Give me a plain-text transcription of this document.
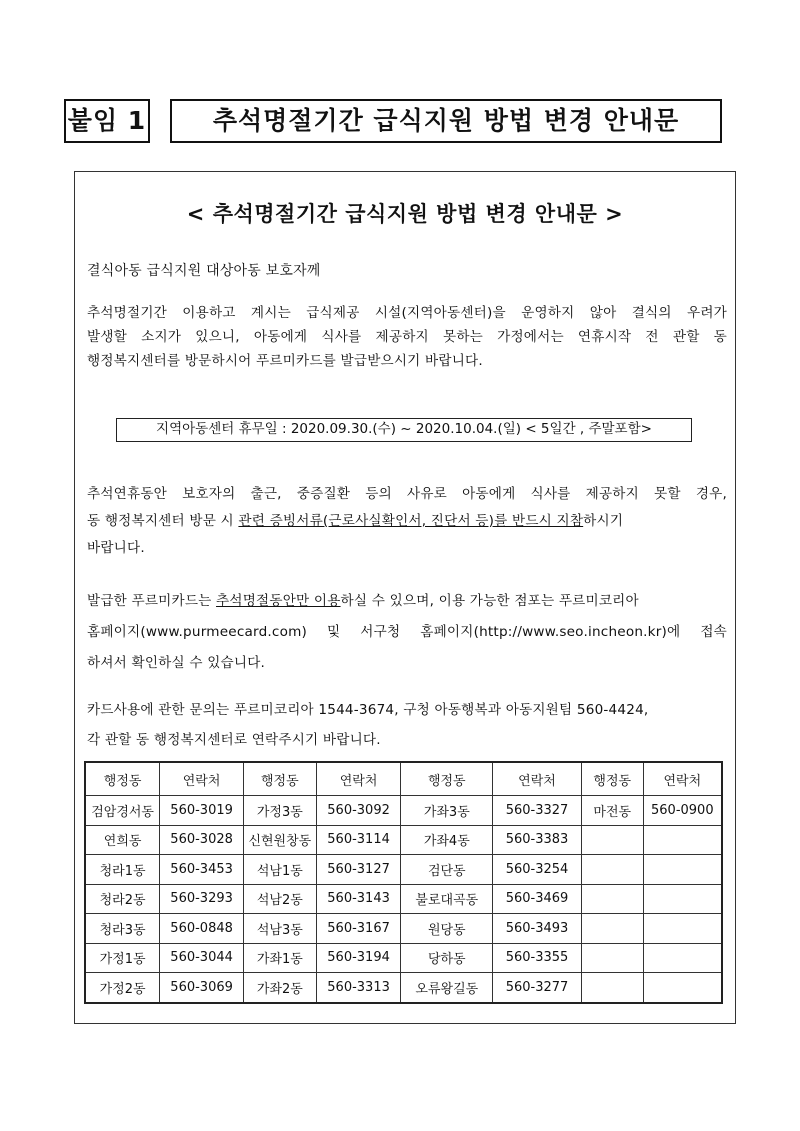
붙임 1	추석명절기간 급식지원 방법 변경 안내문
< 추석명절기간 급식지원 방법 변경 안내문 >
결식아동 급식지원 대상아동 보호자께
추석명절기간 이용하고 계시는 급식제공 시설(지역아동센터)을 운영하지 않아 결식의 우려가
발생할 소지가 있으니, 아동에게 식사를 제공하지 못하는 가정에서는 연휴시작 전 관할 동
행정복지센터를 방문하시어 푸르미카드를 발급받으시기 바랍니다.
지역아동센터 휴무일 : 2020.09.30.(수) ~ 2020.10.04.(일) < 5일간 , 주말포함>
추석연휴동안 보호자의 출근, 중증질환 등의 사유로 아동에게 식사를 제공하지 못할 경우,
동 행정복지센터 방문 시 관련 증빙서류(근로사실확인서, 진단서 등)를 반드시 지참하시기
바랍니다.
발급한 푸르미카드는 추석명절동안만 이용하실 수 있으며, 이용 가능한 점포는 푸르미코리아
홈페이지(www.purmeecard.com) 및 서구청 홈페이지(http://www.seo.incheon.kr)에 접속
하셔서 확인하실 수 있습니다.
카드사용에 관한 문의는 푸르미코리아 1544-3674, 구청 아동행복과 아동지원팀 560-4424,
각 관할 동 행정복지센터로 연락주시기 바랍니다.
행정동	연락처	행정동	연락처	행정동	연락처	행정동	연락처
검암경서동	560-3019	가정3동	560-3092	가좌3동	560-3327	마전동	560-0900
연희동	560-3028	신현원창동	560-3114	가좌4동	560-3383		
청라1동	560-3453	석남1동	560-3127	검단동	560-3254		
청라2동	560-3293	석남2동	560-3143	불로대곡동	560-3469		
청라3동	560-0848	석남3동	560-3167	원당동	560-3493		
가정1동	560-3044	가좌1동	560-3194	당하동	560-3355		
가정2동	560-3069	가좌2동	560-3313	오류왕길동	560-3277		
